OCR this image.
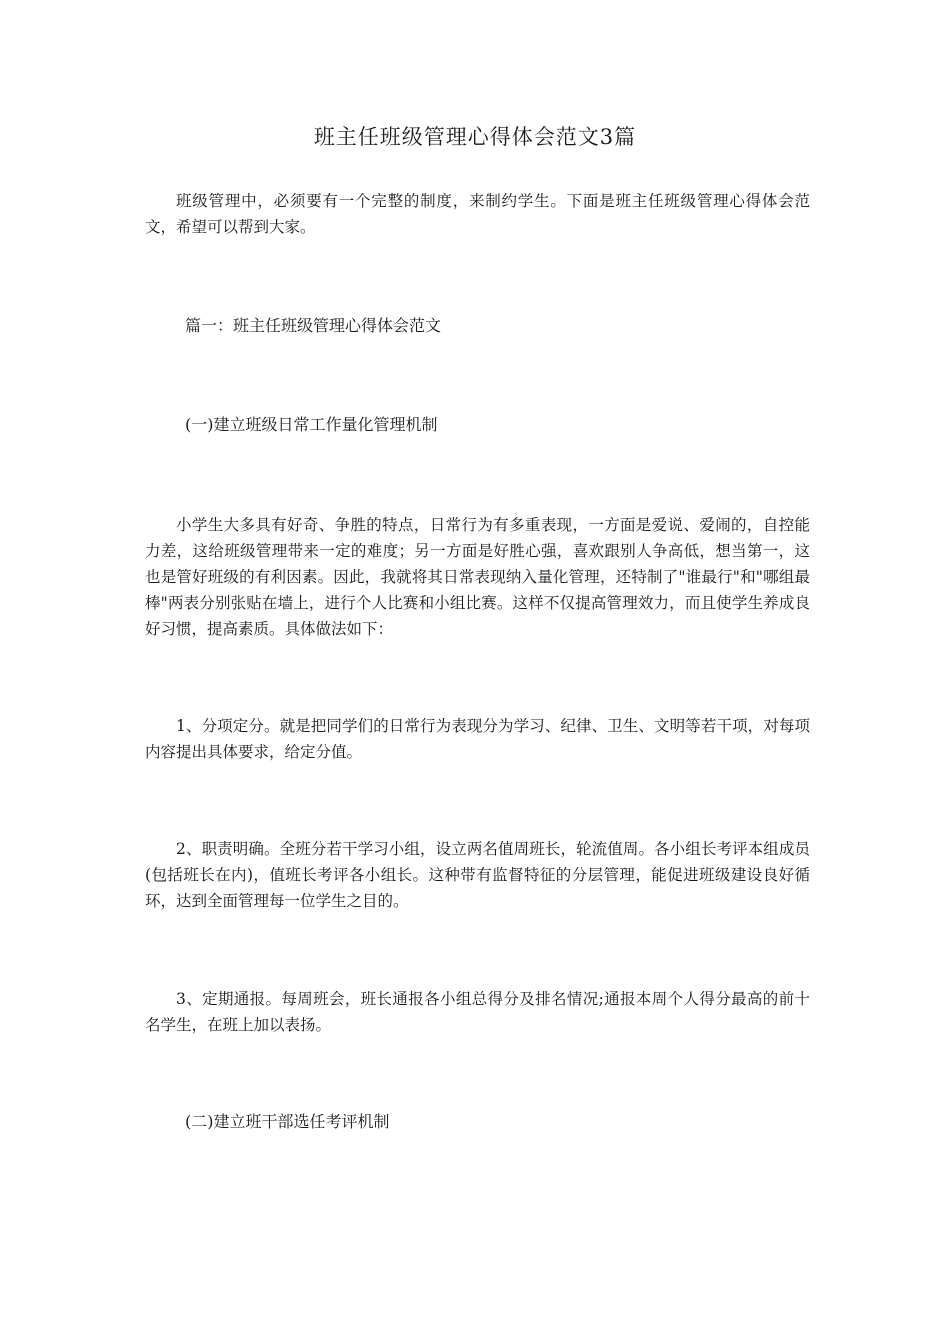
班主任班级管理心得体会范文3篇

班级管理中，必须要有一个完整的制度，来制约学生。下面是班主任班级管理心得体会范文，希望可以帮到大家。

篇一：班主任班级管理心得体会范文

(一)建立班级日常工作量化管理机制

小学生大多具有好奇、争胜的特点，日常行为有多重表现，一方面是爱说、爱闹的，自控能力差，这给班级管理带来一定的难度；另一方面是好胜心强，喜欢跟别人争高低，想当第一，这也是管好班级的有利因素。因此，我就将其日常表现纳入量化管理，还特制了"谁最行"和"哪组最棒"两表分别张贴在墙上，进行个人比赛和小组比赛。这样不仅提高管理效力，而且使学生养成良好习惯，提高素质。具体做法如下：

1、分项定分。就是把同学们的日常行为表现分为学习、纪律、卫生、文明等若干项，对每项内容提出具体要求，给定分值。

2、职责明确。全班分若干学习小组，设立两名值周班长，轮流值周。各小组长考评本组成员(包括班长在内)，值班长考评各小组长。这种带有监督特征的分层管理，能促进班级建设良好循环，达到全面管理每一位学生之目的。

3、定期通报。每周班会，班长通报各小组总得分及排名情况;通报本周个人得分最高的前十名学生，在班上加以表扬。

(二)建立班干部选任考评机制
